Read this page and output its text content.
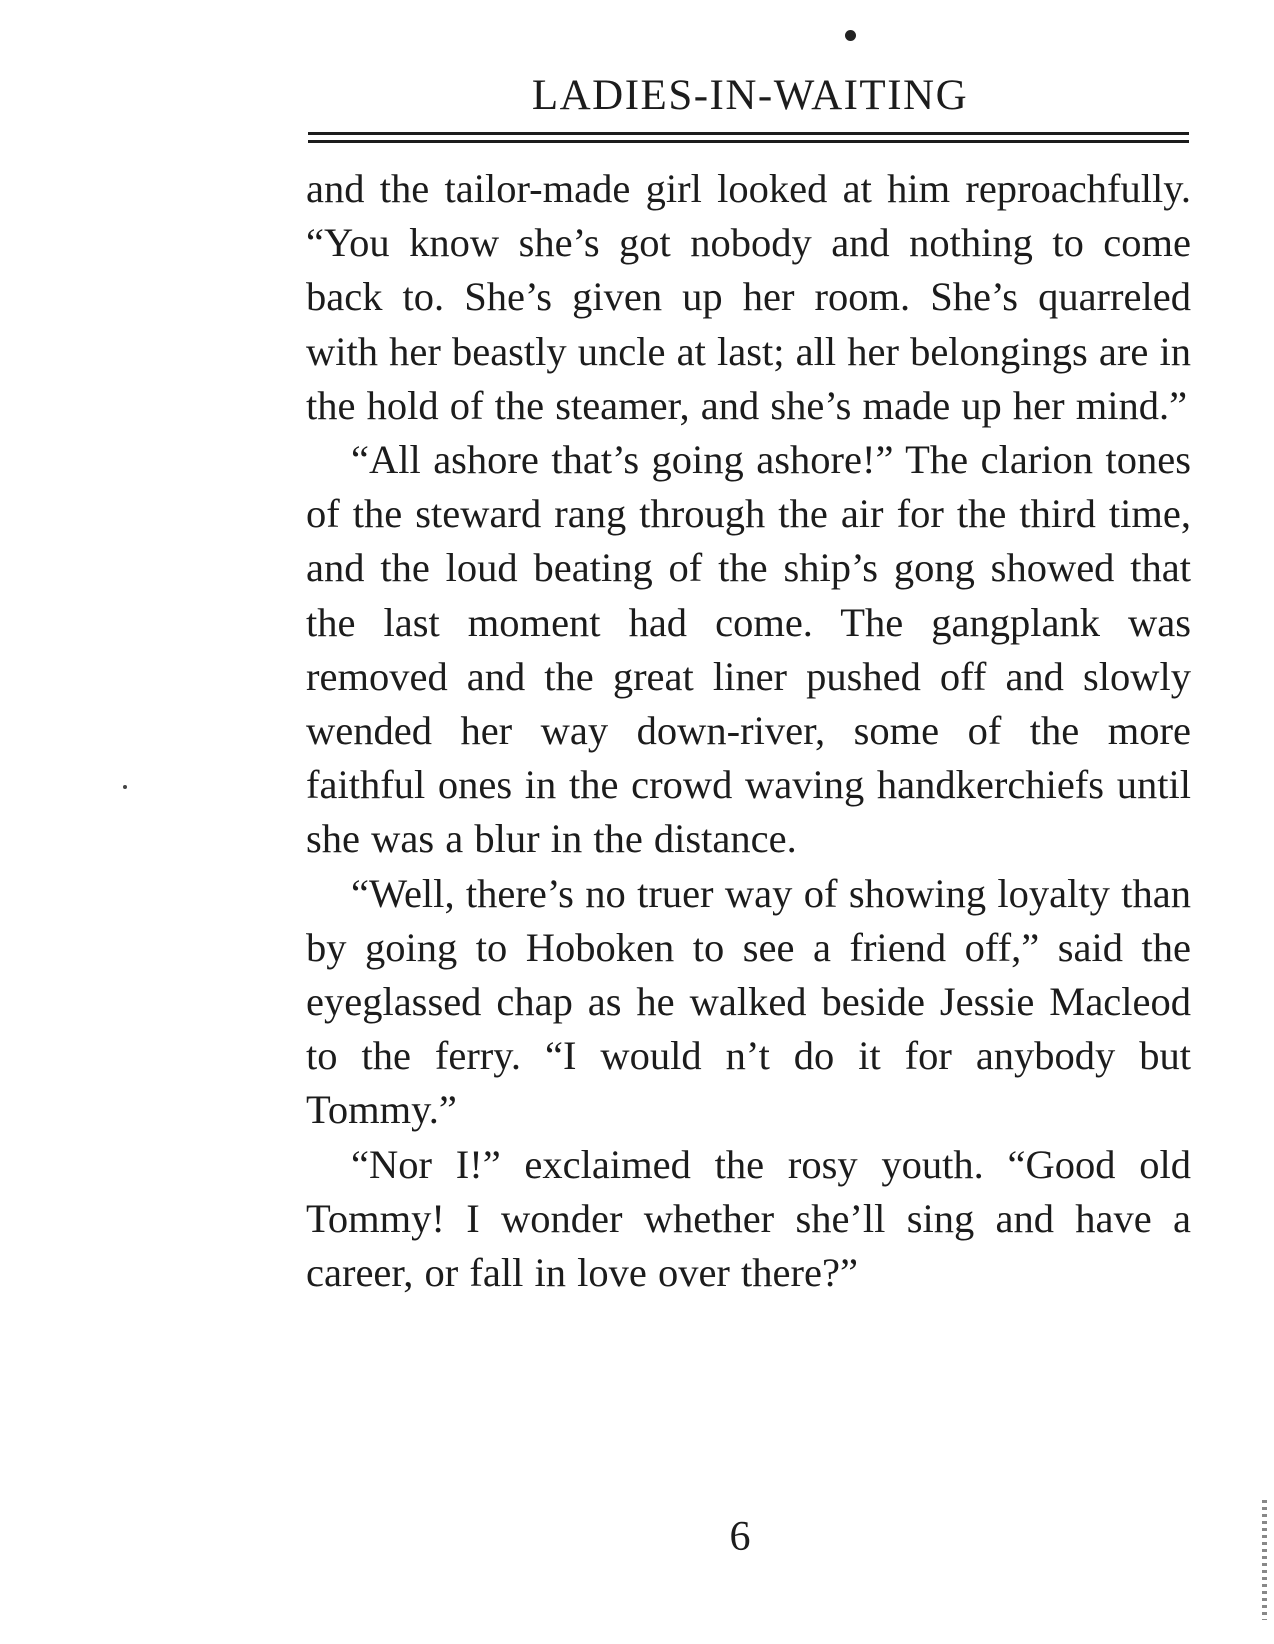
LADIES-IN-WAITING

and the tailor-made girl looked at him reproachfully. “You know she’s got nobody and nothing to come back to. She’s given up her room. She’s quarreled with her beastly uncle at last; all her belongings are in the hold of the steamer, and she’s made up her mind.”

“All ashore that’s going ashore!” The clarion tones of the steward rang through the air for the third time, and the loud beating of the ship’s gong showed that the last moment had come. The gangplank was removed and the great liner pushed off and slowly wended her way down-river, some of the more faithful ones in the crowd waving handkerchiefs until she was a blur in the distance.

“Well, there’s no truer way of showing loyalty than by going to Hoboken to see a friend off,” said the eyeglassed chap as he walked beside Jessie Macleod to the ferry. “I would n’t do it for anybody but Tommy.”

“Nor I!” exclaimed the rosy youth. “Good old Tommy! I wonder whether she’ll sing and have a career, or fall in love over there?”

6
